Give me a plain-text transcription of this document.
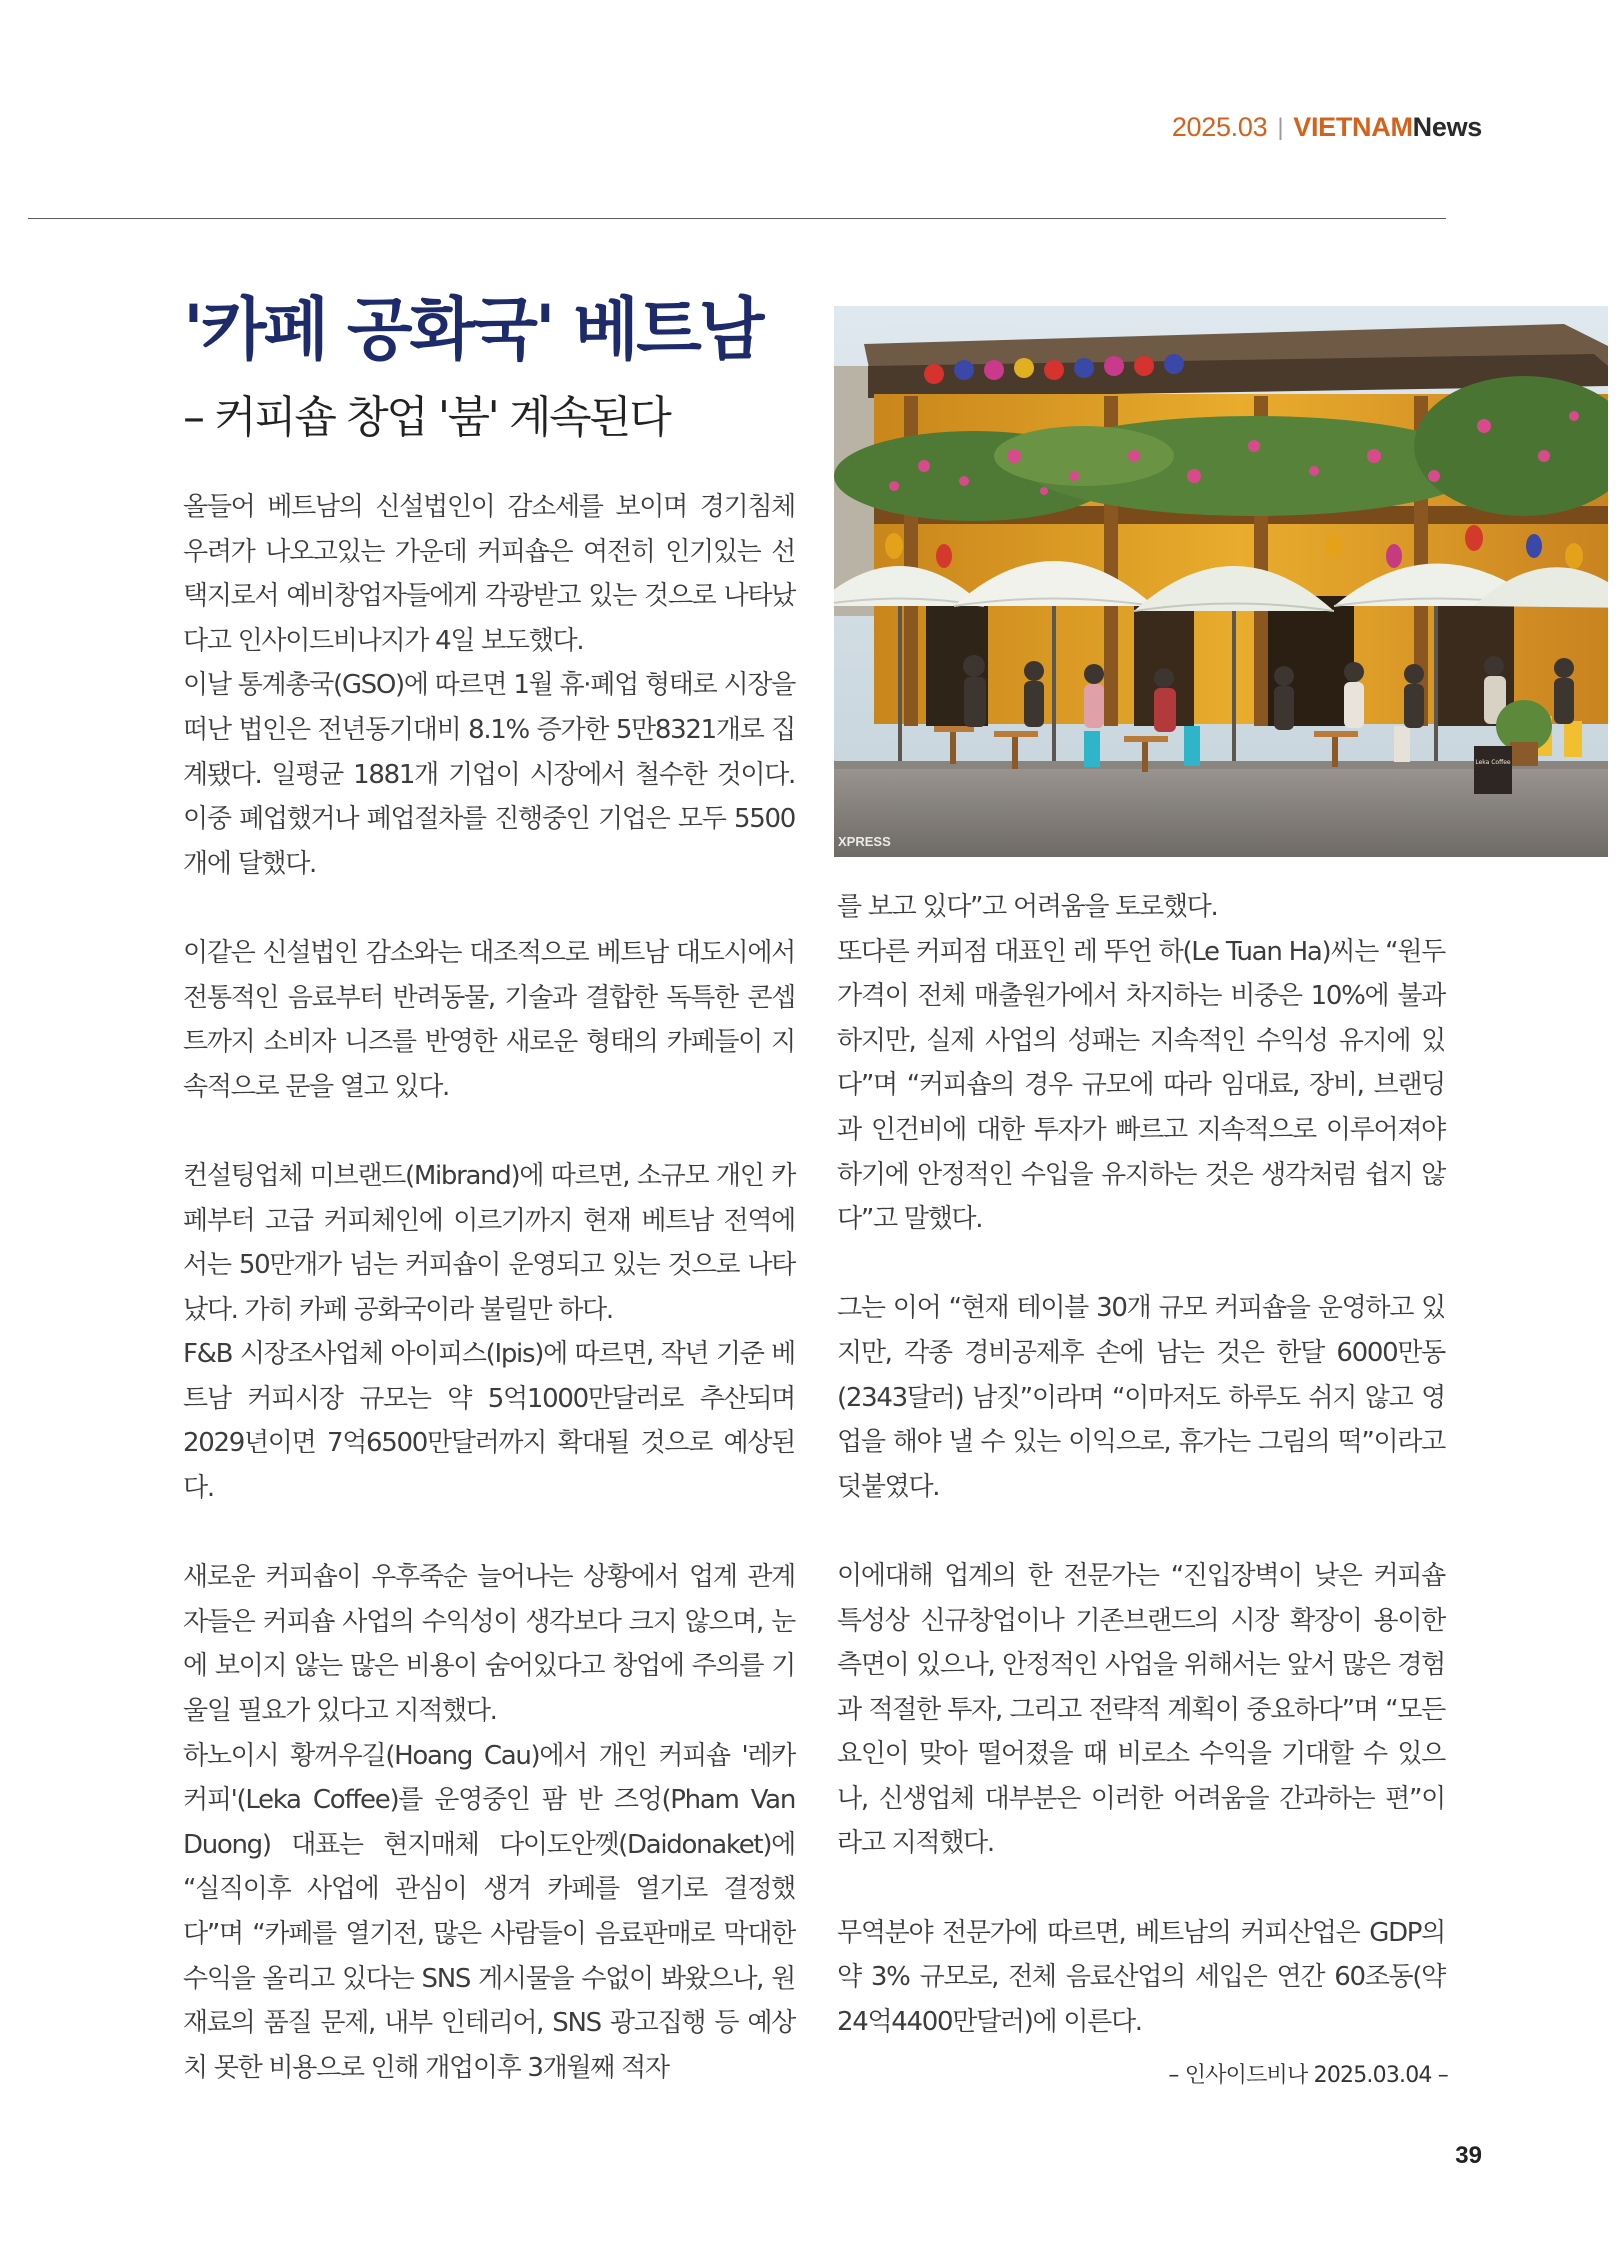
2025.03 | VIETNAM News
'카페 공화국' 베트남
– 커피숍 창업 '붐' 계속된다

올들어 베트남의 신설법인이 감소세를 보이며 경기침체 우려가 나오고있는 가운데 커피숍은 여전히 인기있는 선택지로서 예비창업자들에게 각광받고 있는 것으로 나타났다고 인사이드비나지가 4일 보도했다.

이날 통계총국(GSO)에 따르면 1월 휴·폐업 형태로 시장을 떠난 법인은 전년동기대비 8.1% 증가한 5만8321개로 집계됐다. 일평균 1881개 기업이 시장에서 철수한 것이다. 이중 폐업했거나 폐업절차를 진행중인 기업은 모두 5500개에 달했다.

이같은 신설법인 감소와는 대조적으로 베트남 대도시에서 전통적인 음료부터 반려동물, 기술과 결합한 독특한 콘셉트까지 소비자 니즈를 반영한 새로운 형태의 카페들이 지속적으로 문을 열고 있다.

컨설팅업체 미브랜드(Mibrand)에 따르면, 소규모 개인 카페부터 고급 커피체인에 이르기까지 현재 베트남 전역에서는 50만개가 넘는 커피숍이 운영되고 있는 것으로 나타났다. 가히 카페 공화국이라 불릴만 하다.

F&B 시장조사업체 아이피스(Ipis)에 따르면, 작년 기준 베트남 커피시장 규모는 약 5억1000만달러로 추산되며 2029년이면 7억6500만달러까지 확대될 것으로 예상된다.

새로운 커피숍이 우후죽순 늘어나는 상황에서 업계 관계자들은 커피숍 사업의 수익성이 생각보다 크지 않으며, 눈에 보이지 않는 많은 비용이 숨어있다고 창업에 주의를 기울일 필요가 있다고 지적했다.

하노이시 황꺼우길(Hoang Cau)에서 개인 커피숍 '레카 커피'(Leka Coffee)를 운영중인 팜 반 즈엉(Pham Van Duong) 대표는 현지매체 다이도안껫(Daidonaket)에 “실직이후 사업에 관심이 생겨 카페를 열기로 결정했다”며 “카페를 열기전, 많은 사람들이 음료판매로 막대한 수익을 올리고 있다는 SNS 게시물을 수없이 봐왔으나, 원재료의 품질 문제, 내부 인테리어, SNS 광고집행 등 예상치 못한 비용으로 인해 개업이후 3개월째 적자

를 보고 있다”고 어려움을 토로했다.

또다른 커피점 대표인 레 뚜언 하(Le Tuan Ha)씨는 “원두 가격이 전체 매출원가에서 차지하는 비중은 10%에 불과하지만, 실제 사업의 성패는 지속적인 수익성 유지에 있다”며 “커피숍의 경우 규모에 따라 임대료, 장비, 브랜딩과 인건비에 대한 투자가 빠르고 지속적으로 이루어져야 하기에 안정적인 수입을 유지하는 것은 생각처럼 쉽지 않다”고 말했다.

그는 이어 “현재 테이블 30개 규모 커피숍을 운영하고 있지만, 각종 경비공제후 손에 남는 것은 한달 6000만동(2343달러) 남짓”이라며 “이마저도 하루도 쉬지 않고 영업을 해야 낼 수 있는 이익으로, 휴가는 그림의 떡”이라고 덧붙였다.

이에대해 업계의 한 전문가는 “진입장벽이 낮은 커피숍 특성상 신규창업이나 기존브랜드의 시장 확장이 용이한 측면이 있으나, 안정적인 사업을 위해서는 앞서 많은 경험과 적절한 투자, 그리고 전략적 계획이 중요하다”며 “모든 요인이 맞아 떨어졌을 때 비로소 수익을 기대할 수 있으나, 신생업체 대부분은 이러한 어려움을 간과하는 편”이라고 지적했다.

무역분야 전문가에 따르면, 베트남의 커피산업은 GDP의 약 3% 규모로, 전체 음료산업의 세입은 연간 60조동(약 24억4400만달러)에 이른다.

Leka Coffee
XPRESS
– 인사이드비나 2025.03.04 –
39
